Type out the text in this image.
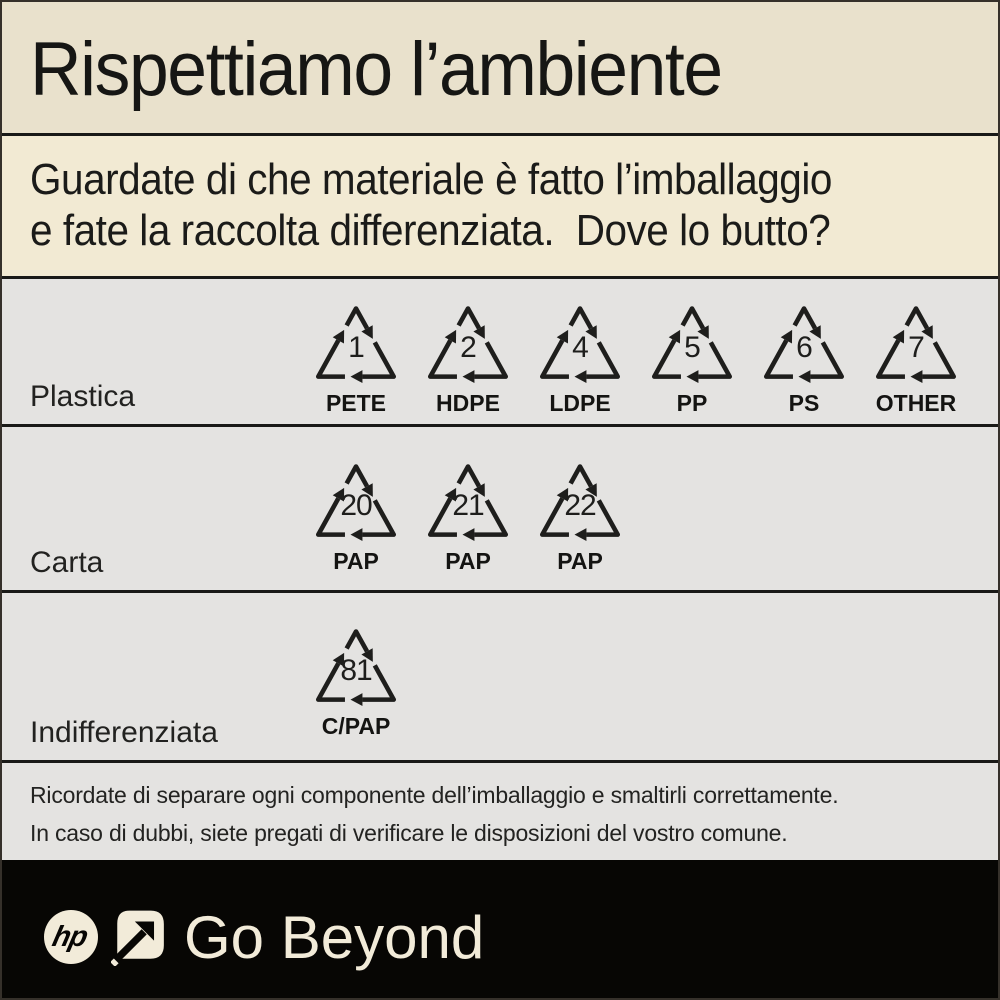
Rispettiamo l’ambiente
Guardate di che materiale è fatto l’imballaggio
e fate la raccolta differenziata.  Dove lo butto?
1
PETE
2
HDPE
4
LDPE
5
PP
6
PS
7
OTHER
Plastica
20
PAP
21
PAP
22
PAP
Carta
81
C/PAP
Indifferenziata
Ricordate di separare ogni componente dell’imballaggio e smaltirli correttamente.
In caso di dubbi, siete pregati di verificare le disposizioni del vostro comune.
hp Go Beyond
